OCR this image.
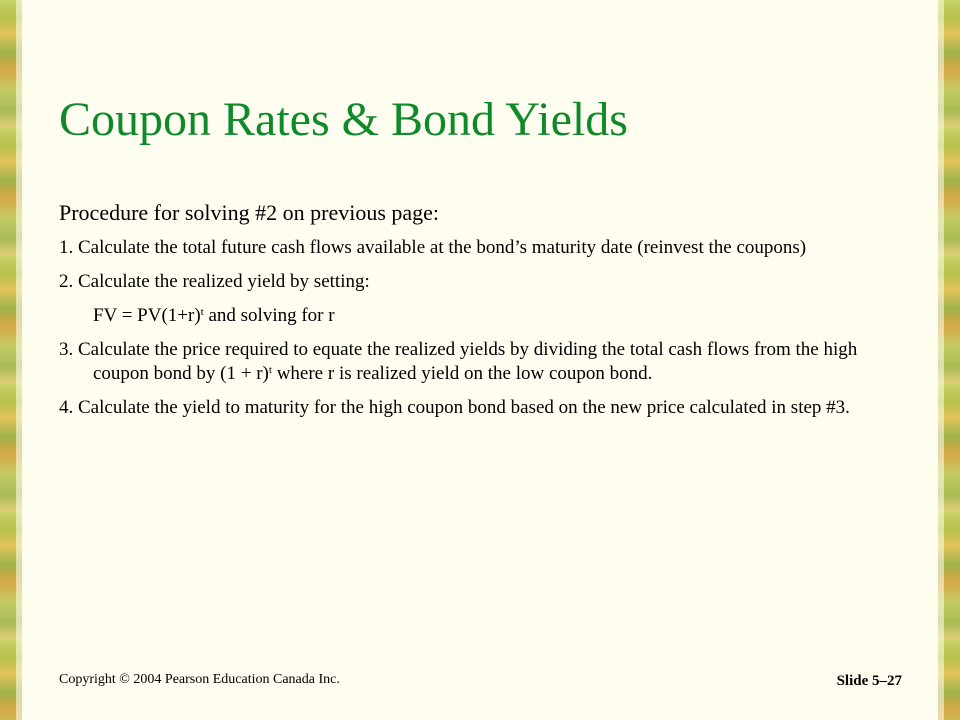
Coupon Rates & Bond Yields

Procedure for solving #2 on previous page:

1. Calculate the total future cash flows available at the bond’s maturity date (reinvest the coupons)

2. Calculate the realized yield by setting:

FV = $PV(1+r)^t$ and solving for r

3. Calculate the price required to equate the realized yields by dividing the total cash flows from the high coupon bond by $(1 + r)^t$ where r is realized yield on the low coupon bond.

4. Calculate the yield to maturity for the high coupon bond based on the new price calculated in step #3.

Copyright © 2004 Pearson Education Canada Inc.	Slide 5–27
